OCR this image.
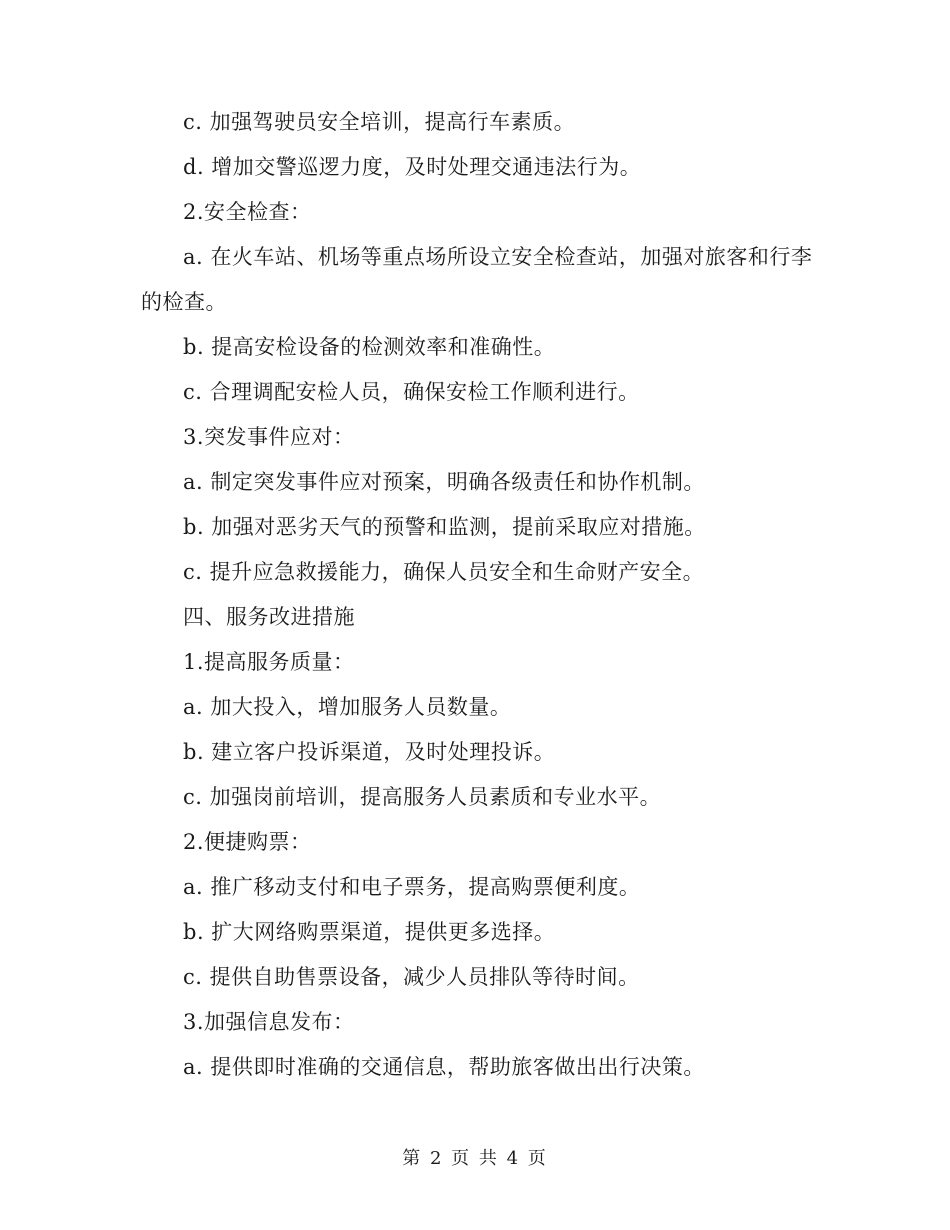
c. 加强驾驶员安全培训，提高行车素质。

d. 增加交警巡逻力度，及时处理交通违法行为。

2.安全检查：

a. 在火车站、机场等重点场所设立安全检查站，加强对旅客和行李的检查。

b. 提高安检设备的检测效率和准确性。

c. 合理调配安检人员，确保安检工作顺利进行。

3.突发事件应对：

a. 制定突发事件应对预案，明确各级责任和协作机制。

b. 加强对恶劣天气的预警和监测，提前采取应对措施。

c. 提升应急救援能力，确保人员安全和生命财产安全。

四、服务改进措施

1.提高服务质量：

a. 加大投入，增加服务人员数量。

b. 建立客户投诉渠道，及时处理投诉。

c. 加强岗前培训，提高服务人员素质和专业水平。

2.便捷购票：

a. 推广移动支付和电子票务，提高购票便利度。

b. 扩大网络购票渠道，提供更多选择。

c. 提供自助售票设备，减少人员排队等待时间。

3.加强信息发布：

a. 提供即时准确的交通信息，帮助旅客做出出行决策。

第 2 页 共 4 页
